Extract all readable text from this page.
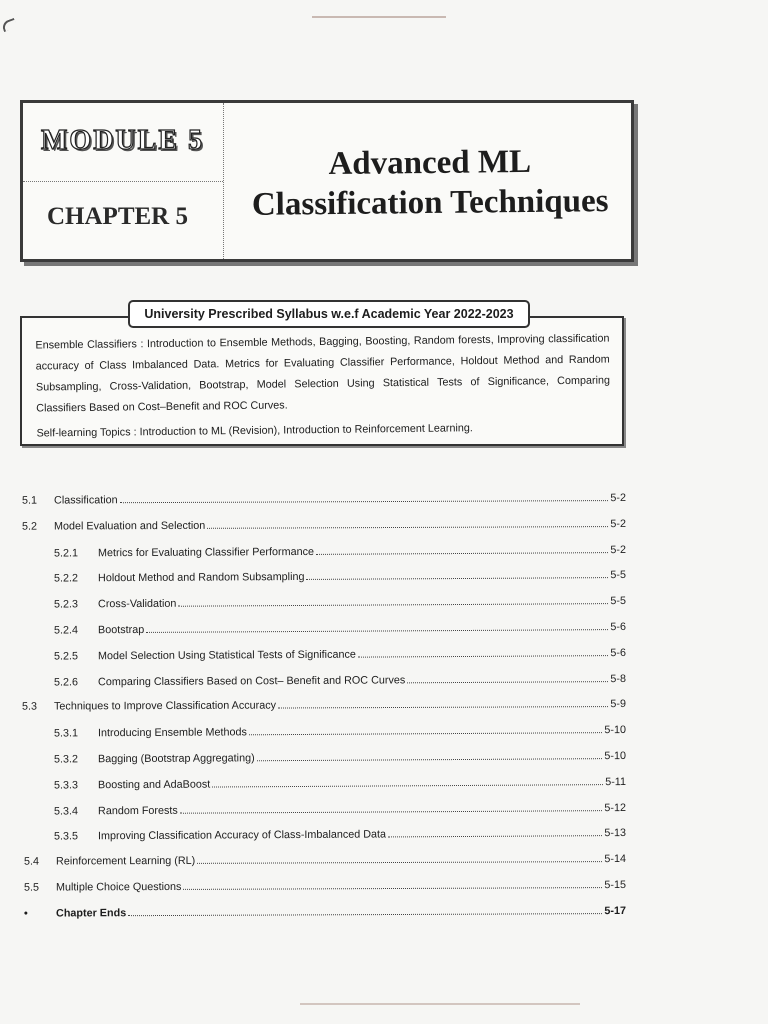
MODULE 5
CHAPTER 5
Advanced ML
Classification Techniques
University Prescribed Syllabus w.e.f Academic Year 2022-2023

Ensemble Classifiers : Introduction to Ensemble Methods, Bagging, Boosting, Random forests, Improving classification accuracy of Class Imbalanced Data. Metrics for Evaluating Classifier Performance, Holdout Method and Random Subsampling, Cross-Validation, Bootstrap, Model Selection Using Statistical Tests of Significance, Comparing Classifiers Based on Cost–Benefit and ROC Curves.

Self-learning Topics : Introduction to ML (Revision), Introduction to Reinforcement Learning.

5.1	Classification	5-2
5.2	Model Evaluation and Selection	5-2
5.2.1	Metrics for Evaluating Classifier Performance	5-2
5.2.2	Holdout Method and Random Subsampling	5-5
5.2.3	Cross-Validation	5-5
5.2.4	Bootstrap	5-6
5.2.5	Model Selection Using Statistical Tests of Significance	5-6
5.2.6	Comparing Classifiers Based on Cost– Benefit and ROC Curves	5-8
5.3	Techniques to Improve Classification Accuracy	5-9
5.3.1	Introducing Ensemble Methods	5-10
5.3.2	Bagging (Bootstrap Aggregating)	5-10
5.3.3	Boosting and AdaBoost	5-11
5.3.4	Random Forests	5-12
5.3.5	Improving Classification Accuracy of Class-Imbalanced Data	5-13
5.4	Reinforcement Learning (RL)	5-14
5.5	Multiple Choice Questions	5-15
•	Chapter Ends	5-17
